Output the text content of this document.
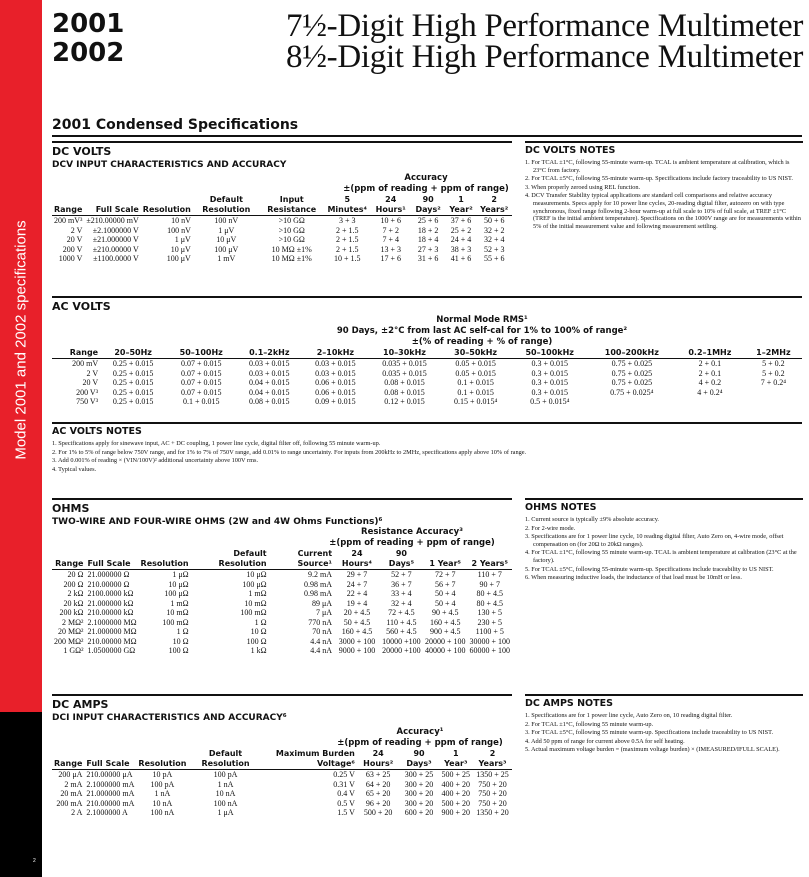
Model 2001 and 2002 specifications
2
2001
2002
7½-Digit High Performance Multimeter
8½-Digit High Performance Multimeter
2001 Condensed Specifications
DC VOLTS
DCV INPUT CHARACTERISTICS AND ACCURACY
Accuracy
±(ppm of reading + ppm of range)
Range	Full Scale	Resolution	Default Resolution	Input Resistance	5 Minutes⁴	24 Hours¹	90 Days²	1 Year²	2 Years²
200 mV³	±210.00000 mV	10 nV	100 nV	>10 GΩ	3 + 3	10 + 6	25 + 6	37 + 6	50 + 6
2 V	±2.1000000 V	100 nV	1 μV	>10 GΩ	2 + 1.5	7 + 2	18 + 2	25 + 2	32 + 2
20 V	±21.000000 V	1 μV	10 μV	>10 GΩ	2 + 1.5	7 + 4	18 + 4	24 + 4	32 + 4
200 V	±210.00000 V	10 μV	100 μV	10 MΩ ±1%	2 + 1.5	13 + 3	27 + 3	38 + 3	52 + 3
1000 V	±1100.0000 V	100 μV	1 mV	10 MΩ ±1%	10 + 1.5	17 + 6	31 + 6	41 + 6	55 + 6
DC VOLTS NOTES
1. For TCAL ±1°C, following 55-minute warm-up. TCAL is ambient temperature at calibration, which is 23°C from factory.
2. For TCAL ±5°C, following 55-minute warm-up. Specifications include factory traceability to US NIST.
3. When properly zeroed using REL function.
4. DCV Transfer Stability typical applications are standard cell comparisons and relative accuracy measurements. Specs apply for 10 power line cycles, 20-reading digital filter, autozero on with type synchronous, fixed range following 2-hour warm-up at full scale to 10% of full scale, at TREF ±1°C (TREF is the initial ambient temperature). Specifications on the 1000V range are for measurements within 5% of the initial measurement value and following measurement settling.
AC VOLTS
Normal Mode RMS¹
90 Days, ±2°C from last AC self-cal for 1% to 100% of range²
±(% of reading + % of range)
Range	20–50Hz	50–100Hz	0.1–2kHz	2–10kHz	10–30kHz	30–50kHz	50–100kHz	100–200kHz	0.2–1MHz	1–2MHz
200 mV	0.25 + 0.015	0.07 + 0.015	0.03 + 0.015	0.03 + 0.015	0.035 + 0.015	0.05 + 0.015	0.3 + 0.015	0.75 + 0.025	2 + 0.1	5 + 0.2
2 V	0.25 + 0.015	0.07 + 0.015	0.03 + 0.015	0.03 + 0.015	0.035 + 0.015	0.05 + 0.015	0.3 + 0.015	0.75 + 0.025	2 + 0.1	5 + 0.2
20 V	0.25 + 0.015	0.07 + 0.015	0.04 + 0.015	0.06 + 0.015	0.08 + 0.015	0.1 + 0.015	0.3 + 0.015	0.75 + 0.025	4 + 0.2	7 + 0.2⁴
200 V³	0.25 + 0.015	0.07 + 0.015	0.04 + 0.015	0.06 + 0.015	0.08 + 0.015	0.1 + 0.015	0.3 + 0.015	0.75 + 0.025⁴	4 + 0.2⁴	
750 V³	0.25 + 0.015	0.1 + 0.015	0.08 + 0.015	0.09 + 0.015	0.12 + 0.015	0.15 + 0.015⁴	0.5 + 0.015⁴			
AC VOLTS NOTES
1. Specifications apply for sinewave input, AC + DC coupling, 1 power line cycle, digital filter off, following 55 minute warm-up.
2. For 1% to 5% of range below 750V range, and for 1% to 7% of 750V range, add 0.01% to range uncertainty. For inputs from 200kHz to 2MHz, specifications apply above 10% of range.
3. Add 0.001% of reading × (VIN/100V)² additional uncertainty above 100V rms.
4. Typical values.
OHMS
TWO-WIRE AND FOUR-WIRE OHMS (2W and 4W Ohms Functions)⁶
Resistance Accuracy³
±(ppm of reading + ppm of range)
Range	Full Scale	Resolution	Default Resolution	Current Source¹	24 Hours⁴	90 Days⁵	1 Year⁵	2 Years⁵
20 Ω	21.000000 Ω	1 μΩ	10 μΩ	9.2 mA	29 + 7	52 + 7	72 + 7	110 + 7
200 Ω	210.00000 Ω	10 μΩ	100 μΩ	0.98 mA	24 + 7	36 + 7	56 + 7	90 + 7
2 kΩ	2100.0000 kΩ	100 μΩ	1 mΩ	0.98 mA	22 + 4	33 + 4	50 + 4	80 + 4.5
20 kΩ	21.000000 kΩ	1 mΩ	10 mΩ	89 μA	19 + 4	32 + 4	50 + 4	80 + 4.5
200 kΩ	210.00000 kΩ	10 mΩ	100 mΩ	7 μA	20 + 4.5	72 + 4.5	90 + 4.5	130 + 5
2 MΩ²	2.1000000 MΩ	100 mΩ	1 Ω	770 nA	50 + 4.5	110 + 4.5	160 + 4.5	230 + 5
20 MΩ²	21.000000 MΩ	1 Ω	10 Ω	70 nA	160 + 4.5	560 + 4.5	900 + 4.5	1100 + 5
200 MΩ²	210.00000 MΩ	10 Ω	100 Ω	4.4 nA	3000 + 100	10000 +100	20000 + 100	30000 + 100
1 GΩ²	1.0500000 GΩ	100 Ω	1 kΩ	4.4 nA	9000 + 100	20000 +100	40000 + 100	60000 + 100
OHMS NOTES
1. Current source is typically ±9% absolute accuracy.
2. For 2-wire mode.
3. Specifications are for 1 power line cycle, 10 reading digital filter, Auto Zero on, 4-wire mode, offset compensation on (for 20Ω to 20kΩ ranges).
4. For TCAL ±1°C, following 55 minute warm-up. TCAL is ambient temperature at calibration (23°C at the factory).
5. For TCAL ±5°C, following 55-minute warm-up. Specifications include traceability to US NIST.
6. When measuring inductive loads, the inductance of that load must be 10mH or less.
DC AMPS
DCI INPUT CHARACTERISTICS AND ACCURACY⁶
Accuracy¹
±(ppm of reading + ppm of range)
Range	Full Scale	Resolution	Default Resolution	Maximum Burden Voltage⁶	24 Hours²	90 Days³	1 Year³	2 Years³
200 μA	210.00000 μA	10 pA	100 pA	0.25 V	63 + 25	300 + 25	500 + 25	1350 + 25
2 mA	2.1000000 mA	100 pA	1 nA	0.31 V	64 + 20	300 + 20	400 + 20	750 + 20
20 mA	21.000000 mA	1 nA	10 nA	0.4 V	65 + 20	300 + 20	400 + 20	750 + 20
200 mA	210.00000 mA	10 nA	100 nA	0.5 V	96 + 20	300 + 20	500 + 20	750 + 20
2 A	2.1000000 A	100 nA	1 μA	1.5 V	500 + 20	600 + 20	900 + 20	1350 + 20
DC AMPS NOTES
1. Specifications are for 1 power line cycle, Auto Zero on, 10 reading digital filter.
2. For TCAL ±1°C, following 55 minute warm-up.
3. For TCAL ±5°C, following 55 minute warm-up. Specifications include traceability to US NIST.
4. Add 50 ppm of range for current above 0.5A for self heating.
5. Actual maximum voltage burden = (maximum voltage burden) × (IMEASURED/IFULL SCALE).
